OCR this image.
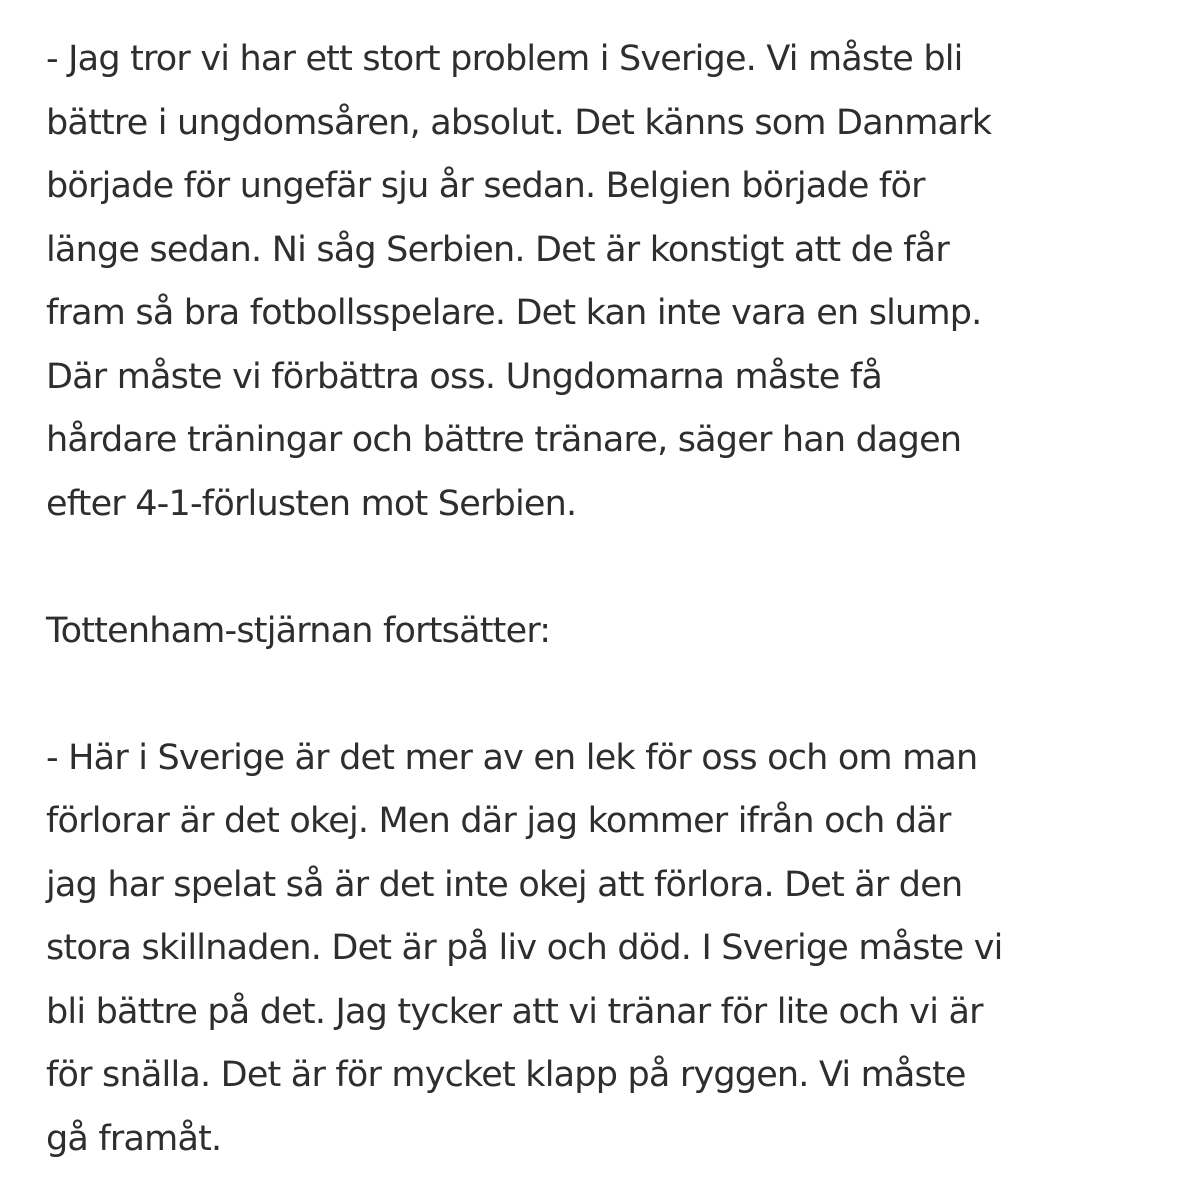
- Jag tror vi har ett stort problem i Sverige. Vi måste bli
bättre i ungdomsåren, absolut. Det känns som Danmark
började för ungefär sju år sedan. Belgien började för
länge sedan. Ni såg Serbien. Det är konstigt att de får
fram så bra fotbollsspelare. Det kan inte vara en slump.
Där måste vi förbättra oss. Ungdomarna måste få
hårdare träningar och bättre tränare, säger han dagen
efter 4-1-förlusten mot Serbien.

Tottenham-stjärnan fortsätter:

- Här i Sverige är det mer av en lek för oss och om man
förlorar är det okej. Men där jag kommer ifrån och där
jag har spelat så är det inte okej att förlora. Det är den
stora skillnaden. Det är på liv och död. I Sverige måste vi
bli bättre på det. Jag tycker att vi tränar för lite och vi är
för snälla. Det är för mycket klapp på ryggen. Vi måste
gå framåt.
